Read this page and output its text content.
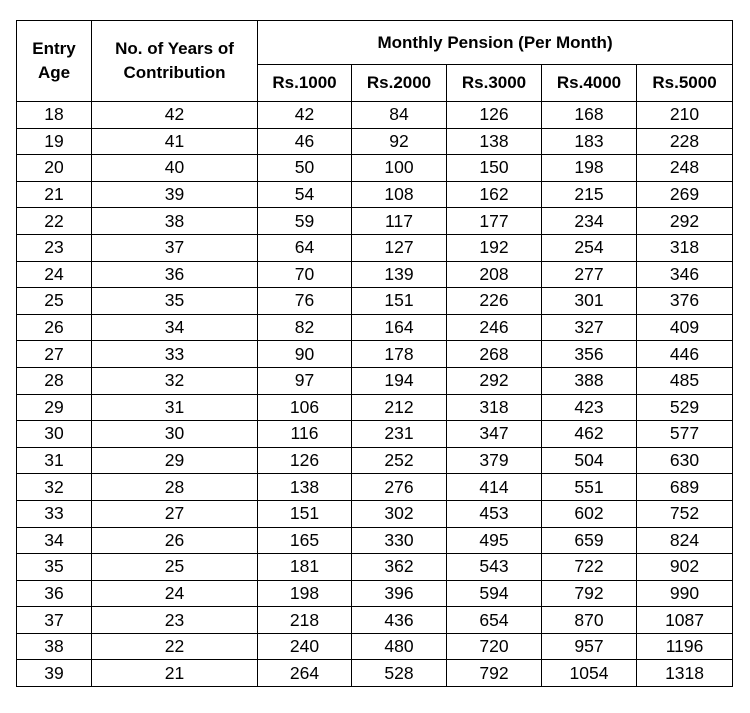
Entry Age	No. of Years of Contribution	Monthly Pension (Per Month)				
		Rs.1000	Rs.2000	Rs.3000	Rs.4000	Rs.5000
18	42	42	84	126	168	210
19	41	46	92	138	183	228
20	40	50	100	150	198	248
21	39	54	108	162	215	269
22	38	59	117	177	234	292
23	37	64	127	192	254	318
24	36	70	139	208	277	346
25	35	76	151	226	301	376
26	34	82	164	246	327	409
27	33	90	178	268	356	446
28	32	97	194	292	388	485
29	31	106	212	318	423	529
30	30	116	231	347	462	577
31	29	126	252	379	504	630
32	28	138	276	414	551	689
33	27	151	302	453	602	752
34	26	165	330	495	659	824
35	25	181	362	543	722	902
36	24	198	396	594	792	990
37	23	218	436	654	870	1087
38	22	240	480	720	957	1196
39	21	264	528	792	1054	1318
